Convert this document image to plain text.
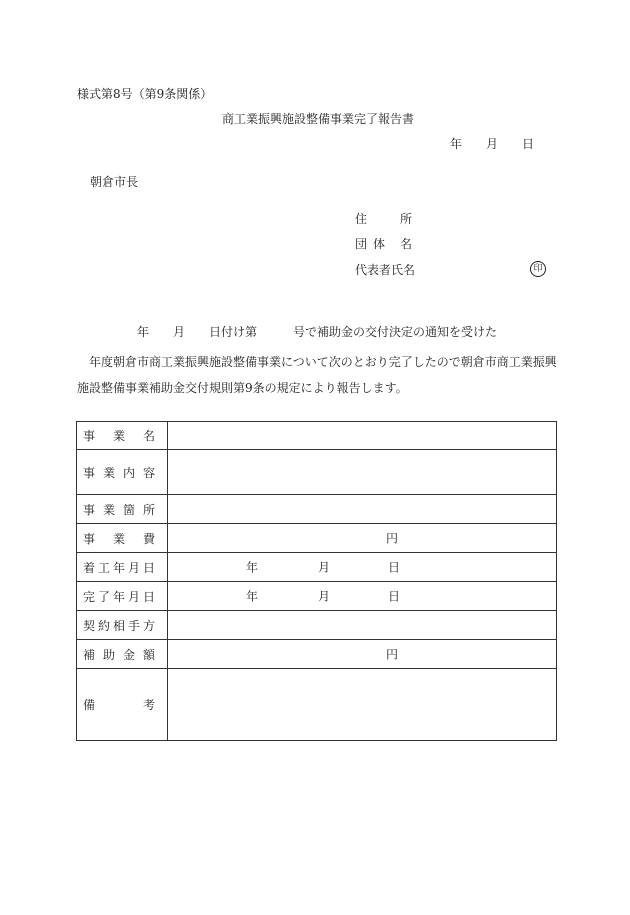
様式第8号（第9条関係）
商工業振興施設整備事業完了報告書
年 月 日
朝倉市長
住	所
団 体 名
代表者氏名	印
年 月 日付け第	号で補助金の交付決定の通知を受けた
年度朝倉市商工業振興施設整備事業について次のとおり完了したので朝倉市商工業振興
施設整備事業補助金交付規則第9条の規定により報告します。
事業名	

事業内容	

事業箇所	

事業費	円

着工年月日	年 月 日

完了年月日	年 月 日

契約相手方	

補助金額	円

備考	
